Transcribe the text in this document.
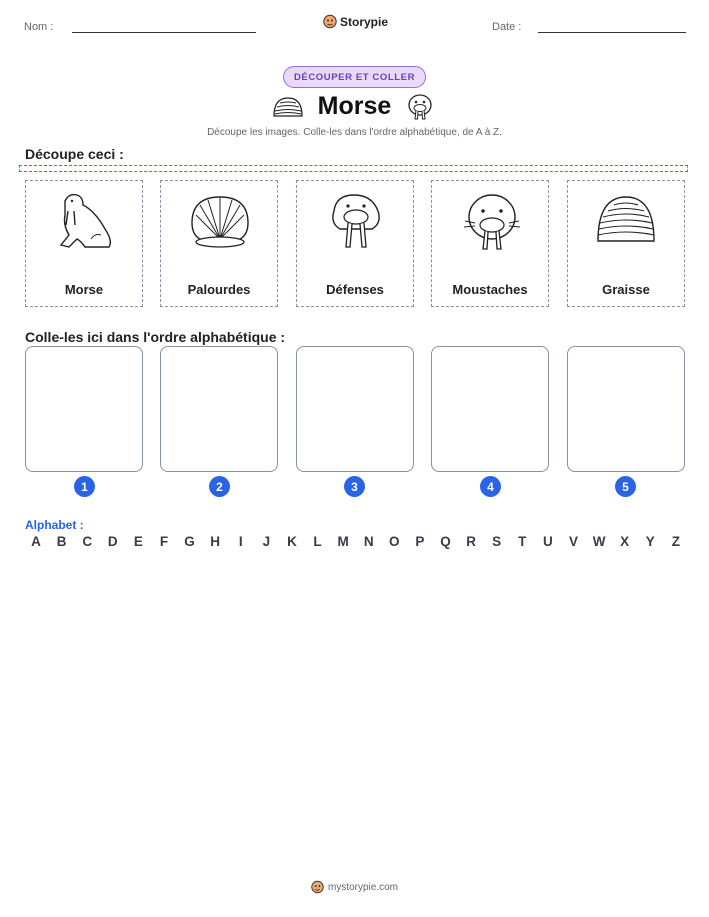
Nom :	Storypie	Date :
DÉCOUPER ET COLLER
Morse
Découpe les images. Colle-les dans l'ordre alphabétique, de A à Z.
Découpe ceci :
Morse	Palourdes	Défenses	Moustaches	Graisse
Colle-les ici dans l'ordre alphabétique :
1	2	3	4	5
Alphabet :
A	B	C	D	E	F	G	H	I	J	K	L	M	N	O	P	Q	R	S	T	U	V	W	X	Y	Z
mystorypie.com
